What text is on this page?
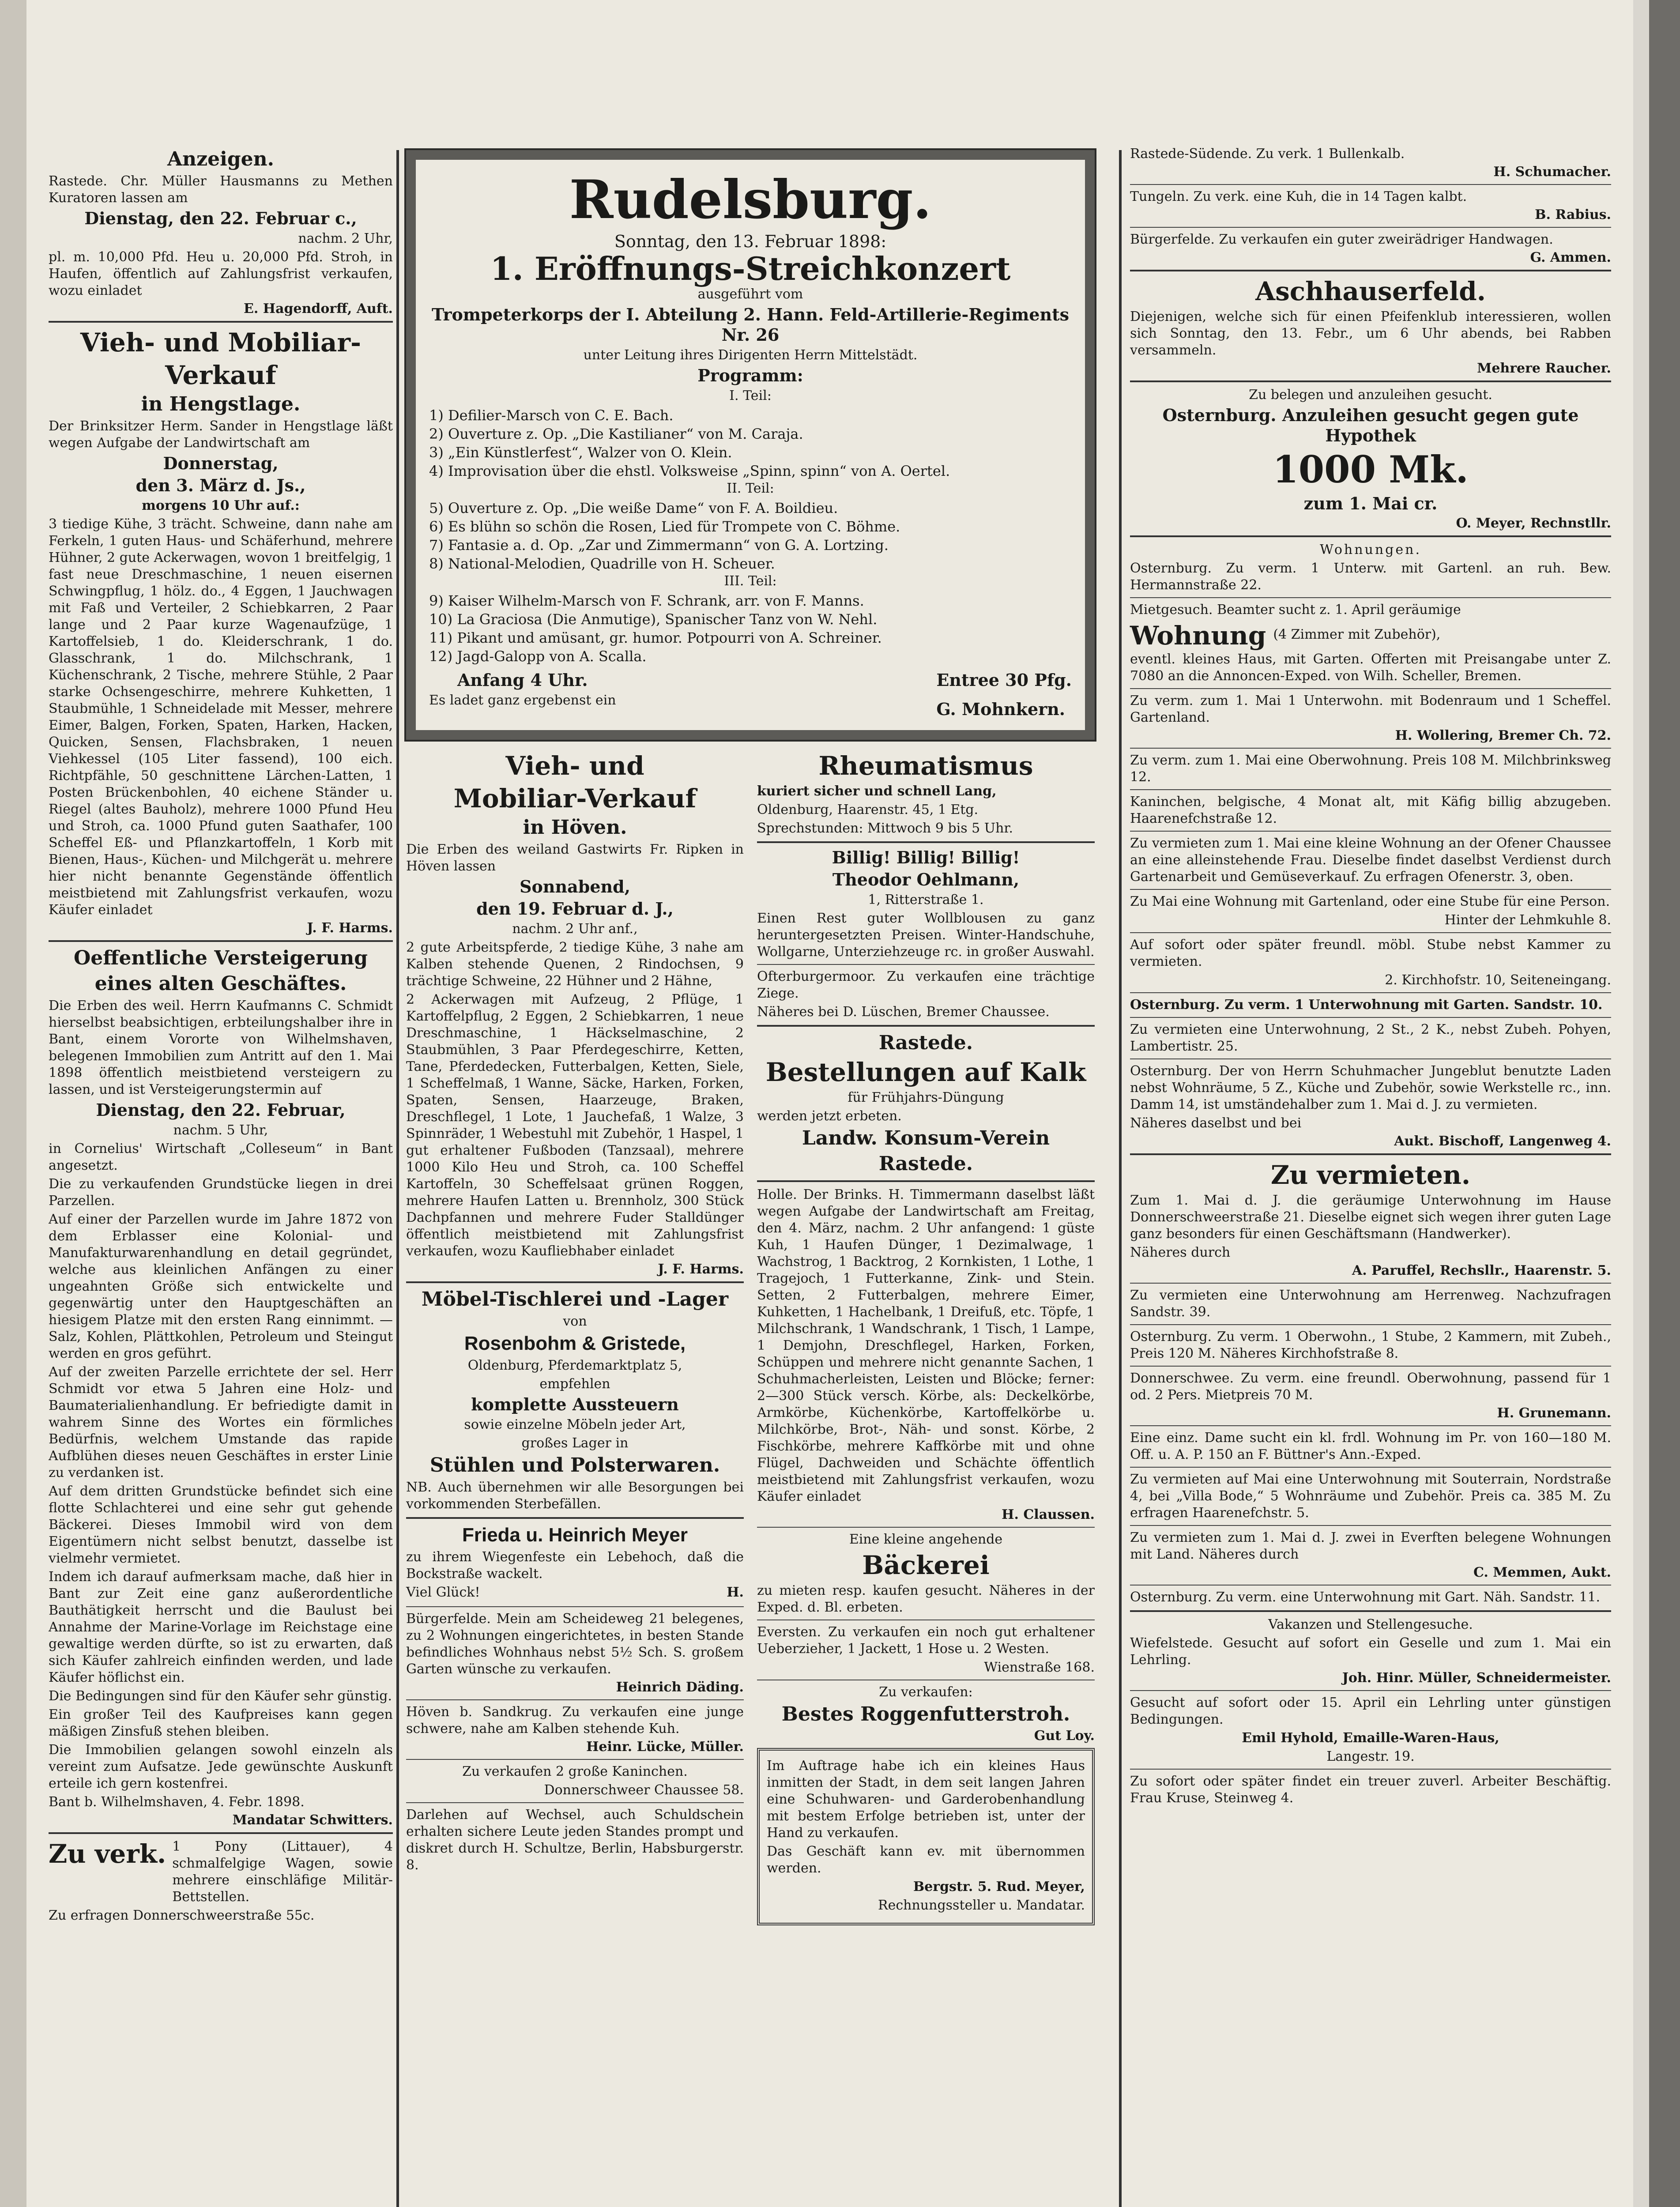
Anzeigen.

Rastede. Chr. Müller Hausmanns zu Methen Kuratoren lassen am

Dienstag, den 22. Februar c.,

nachm. 2 Uhr,

pl. m. 10,000 Pfd. Heu u. 20,000 Pfd. Stroh, in Haufen, öffentlich auf Zahlungsfrist verkaufen, wozu einladet

E. Hagendorff, Auft.

Vieh- und Mobiliar-
Verkauf
in Hengstlage.

Der Brinksitzer Herm. Sander in Hengstlage läßt wegen Aufgabe der Landwirtschaft am

Donnerstag,

den 3. März d. Js.,

morgens 10 Uhr auf.:

3 tiedige Kühe, 3 trächt. Schweine, dann nahe am Ferkeln, 1 guten Haus- und Schäferhund, mehrere Hühner, 2 gute Ackerwagen, wovon 1 breitfelgig, 1 fast neue Dreschmaschine, 1 neuen eisernen Schwingpflug, 1 hölz. do., 4 Eggen, 1 Jauchwagen mit Faß und Verteiler, 2 Schiebkarren, 2 Paar lange und 2 Paar kurze Wagenaufzüge, 1 Kartoffelsieb, 1 do. Kleiderschrank, 1 do. Glasschrank, 1 do. Milchschrank, 1 Küchenschrank, 2 Tische, mehrere Stühle, 2 Paar starke Ochsengeschirre, mehrere Kuhketten, 1 Staubmühle, 1 Schneidelade mit Messer, mehrere Eimer, Balgen, Forken, Spaten, Harken, Hacken, Quicken, Sensen, Flachsbraken, 1 neuen Viehkessel (105 Liter fassend), 100 eich. Richtpfähle, 50 geschnittene Lärchen-Latten, 1 Posten Brückenbohlen, 40 eichene Ständer u. Riegel (altes Bauholz), mehrere 1000 Pfund Heu und Stroh, ca. 1000 Pfund guten Saathafer, 100 Scheffel Eß- und Pflanzkartoffeln, 1 Korb mit Bienen, Haus-, Küchen- und Milchgerät u. mehrere hier nicht benannte Gegenstände öffentlich meistbietend mit Zahlungsfrist verkaufen, wozu Käufer einladet

J. F. Harms.

Oeffentliche Versteigerung
eines alten Geschäftes.

Die Erben des weil. Herrn Kaufmanns C. Schmidt hierselbst beabsichtigen, erbteilungshalber ihre in Bant, einem Vororte von Wilhelmshaven, belegenen Immobilien zum Antritt auf den 1. Mai 1898 öffentlich meistbietend versteigern zu lassen, und ist Versteigerungstermin auf

Dienstag, den 22. Februar,

nachm. 5 Uhr,

in Cornelius' Wirtschaft „Colleseum“ in Bant angesetzt.

Die zu verkaufenden Grundstücke liegen in drei Parzellen.

Auf einer der Parzellen wurde im Jahre 1872 von dem Erblasser eine Kolonial- und Manufakturwarenhandlung en detail gegründet, welche aus kleinlichen Anfängen zu einer ungeahnten Größe sich entwickelte und gegenwärtig unter den Hauptgeschäften an hiesigem Platze mit den ersten Rang einnimmt. — Salz, Kohlen, Plättkohlen, Petroleum und Steingut werden en gros geführt.

Auf der zweiten Parzelle errichtete der sel. Herr Schmidt vor etwa 5 Jahren eine Holz- und Baumaterialienhandlung. Er befriedigte damit in wahrem Sinne des Wortes ein förmliches Bedürfnis, welchem Umstande das rapide Aufblühen dieses neuen Geschäftes in erster Linie zu verdanken ist.

Auf dem dritten Grundstücke befindet sich eine flotte Schlachterei und eine sehr gut gehende Bäckerei. Dieses Immobil wird von dem Eigentümern nicht selbst benutzt, dasselbe ist vielmehr vermietet.

Indem ich darauf aufmerksam mache, daß hier in Bant zur Zeit eine ganz außerordentliche Bauthätigkeit herrscht und die Baulust bei Annahme der Marine-Vorlage im Reichstage eine gewaltige werden dürfte, so ist zu erwarten, daß sich Käufer zahlreich einfinden werden, und lade Käufer höflichst ein.

Die Bedingungen sind für den Käufer sehr günstig.

Ein großer Teil des Kaufpreises kann gegen mäßigen Zinsfuß stehen bleiben.

Die Immobilien gelangen sowohl einzeln als vereint zum Aufsatze. Jede gewünschte Auskunft erteile ich gern kostenfrei.

Bant b. Wilhelmshaven, 4. Febr. 1898.

Mandatar Schwitters.

Zu verk. 1 Pony (Littauer), 4 schmalfelgige Wagen, sowie mehrere einschläfige Militär-Bettstellen.

Zu erfragen Donnerschweerstraße 55c.

Rudelsburg.

Sonntag, den 13. Februar 1898:

1. Eröffnungs-Streichkonzert

ausgeführt vom

Trompeterkorps der I. Abteilung 2. Hann. Feld-Artillerie-Regiments Nr. 26

unter Leitung ihres Dirigenten Herrn Mittelstädt.

Programm:

I. Teil:

1) Defilier-Marsch von C. E. Bach.

2) Ouverture z. Op. „Die Kastilianer“ von M. Caraja.

3) „Ein Künstlerfest“, Walzer von O. Klein.

4) Improvisation über die ehstl. Volksweise „Spinn, spinn“ von A. Oertel.

II. Teil:

5) Ouverture z. Op. „Die weiße Dame“ von F. A. Boildieu.

6) Es blühn so schön die Rosen, Lied für Trompete von C. Böhme.

7) Fantasie a. d. Op. „Zar und Zimmermann“ von G. A. Lortzing.

8) National-Melodien, Quadrille von H. Scheuer.

III. Teil:

9) Kaiser Wilhelm-Marsch von F. Schrank, arr. von F. Manns.

10) La Graciosa (Die Anmutige), Spanischer Tanz von W. Nehl.

11) Pikant und amüsant, gr. humor. Potpourri von A. Schreiner.

12) Jagd-Galopp von A. Scalla.

Anfang 4 Uhr.

Es ladet ganz ergebenst ein

Entree 30 Pfg.

G. Mohnkern.

Vieh- und
Mobiliar-Verkauf
in Höven.

Die Erben des weiland Gastwirts Fr. Ripken in Höven lassen

Sonnabend,

den 19. Februar d. J.,

nachm. 2 Uhr anf.,

2 gute Arbeitspferde, 2 tiedige Kühe, 3 nahe am Kalben stehende Quenen, 2 Rindochsen, 9 trächtige Schweine, 22 Hühner und 2 Hähne,

2 Ackerwagen mit Aufzeug, 2 Pflüge, 1 Kartoffelpflug, 2 Eggen, 2 Schiebkarren, 1 neue Dreschmaschine, 1 Häckselmaschine, 2 Staubmühlen, 3 Paar Pferdegeschirre, Ketten, Tane, Pferdedecken, Futterbalgen, Ketten, Siele, 1 Scheffelmaß, 1 Wanne, Säcke, Harken, Forken, Spaten, Sensen, Haarzeuge, Braken, Dreschflegel, 1 Lote, 1 Jauchefaß, 1 Walze, 3 Spinnräder, 1 Webestuhl mit Zubehör, 1 Haspel, 1 gut erhaltener Fußboden (Tanzsaal), mehrere 1000 Kilo Heu und Stroh, ca. 100 Scheffel Kartoffeln, 30 Scheffelsaat grünen Roggen, mehrere Haufen Latten u. Brennholz, 300 Stück Dachpfannen und mehrere Fuder Stalldünger öffentlich meistbietend mit Zahlungsfrist verkaufen, wozu Kaufliebhaber einladet

J. F. Harms.

Möbel-Tischlerei und -Lager

von

Rosenbohm & Gristede,

Oldenburg, Pferdemarktplatz 5,

empfehlen

komplette Aussteuern

sowie einzelne Möbeln jeder Art,

großes Lager in

Stühlen und Polsterwaren.

NB. Auch übernehmen wir alle Besorgungen bei vorkommenden Sterbefällen.

Frieda u. Heinrich Meyer

zu ihrem Wiegenfeste ein Lebehoch, daß die Bockstraße wackelt.

Viel Glück!	H.

Bürgerfelde. Mein am Scheideweg 21 belegenes, zu 2 Wohnungen eingerichtetes, in besten Stande befindliches Wohnhaus nebst 5½ Sch. S. großem Garten wünsche zu verkaufen.

Heinrich Däding.

Höven b. Sandkrug. Zu verkaufen eine junge schwere, nahe am Kalben stehende Kuh.

Heinr. Lücke, Müller.

Zu verkaufen 2 große Kaninchen.

Donnerschweer Chaussee 58.

Darlehen auf Wechsel, auch Schuldschein erhalten sichere Leute jeden Standes prompt und diskret durch H. Schultze, Berlin, Habsburgerstr. 8.

Rheumatismus

kuriert sicher und schnell Lang,

Oldenburg, Haarenstr. 45, 1 Etg.

Sprechstunden: Mittwoch 9 bis 5 Uhr.

Billig! Billig! Billig!

Theodor Oehlmann,

1, Ritterstraße 1.

Einen Rest guter Wollblousen zu ganz heruntergesetzten Preisen. Winter-Handschuhe, Wollgarne, Unterziehzeuge rc. in großer Auswahl.

Ofterburgermoor. Zu verkaufen eine trächtige Ziege.

Näheres bei D. Lüschen, Bremer Chaussee.

Rastede.
Bestellungen auf Kalk

für Frühjahrs-Düngung

werden jetzt erbeten.

Landw. Konsum-Verein
Rastede.

Holle. Der Brinks. H. Timmermann daselbst läßt wegen Aufgabe der Landwirtschaft am Freitag, den 4. März, nachm. 2 Uhr anfangend: 1 güste Kuh, 1 Haufen Dünger, 1 Dezimalwage, 1 Wachstrog, 1 Backtrog, 2 Kornkisten, 1 Lothe, 1 Tragejoch, 1 Futterkanne, Zink- und Stein. Setten, 2 Futterbalgen, mehrere Eimer, Kuhketten, 1 Hachelbank, 1 Dreifuß, etc. Töpfe, 1 Milchschrank, 1 Wandschrank, 1 Tisch, 1 Lampe, 1 Demjohn, Dreschflegel, Harken, Forken, Schüppen und mehrere nicht genannte Sachen, 1 Schuhmacherleisten, Leisten und Blöcke; ferner: 2—300 Stück versch. Körbe, als: Deckelkörbe, Armkörbe, Küchenkörbe, Kartoffelkörbe u. Milchkörbe, Brot-, Näh- und sonst. Körbe, 2 Fischkörbe, mehrere Kaffkörbe mit und ohne Flügel, Dachweiden und Schächte öffentlich meistbietend mit Zahlungsfrist verkaufen, wozu Käufer einladet

H. Claussen.

Eine kleine angehende

Bäckerei

zu mieten resp. kaufen gesucht. Näheres in der Exped. d. Bl. erbeten.

Eversten. Zu verkaufen ein noch gut erhaltener Ueberzieher, 1 Jackett, 1 Hose u. 2 Westen.

Wienstraße 168.

Zu verkaufen:

Bestes Roggenfutterstroh.

Gut Loy.

Im Auftrage habe ich ein kleines Haus inmitten der Stadt, in dem seit langen Jahren eine Schuhwaren- und Garderobenhandlung mit bestem Erfolge betrieben ist, unter der Hand zu verkaufen.

Das Geschäft kann ev. mit übernommen werden.

Bergstr. 5. Rud. Meyer,

Rechnungssteller u. Mandatar.

Rastede-Südende. Zu verk. 1 Bullenkalb.

H. Schumacher.

Tungeln. Zu verk. eine Kuh, die in 14 Tagen kalbt.

B. Rabius.

Bürgerfelde. Zu verkaufen ein guter zweirädriger Handwagen.

G. Ammen.

Aschhauserfeld.

Diejenigen, welche sich für einen Pfeifenklub interessieren, wollen sich Sonntag, den 13. Febr., um 6 Uhr abends, bei Rabben versammeln.

Mehrere Raucher.

Zu belegen und anzuleihen gesucht.

Osternburg. Anzuleihen gesucht gegen gute Hypothek

1000 Mk.

zum 1. Mai cr.

O. Meyer, Rechnstllr.

Wohnungen.

Osternburg. Zu verm. 1 Unterw. mit Gartenl. an ruh. Bew. Hermannstraße 22.

Mietgesuch. Beamter sucht z. 1. April geräumige

Wohnung (4 Zimmer mit Zubehör),

eventl. kleines Haus, mit Garten. Offerten mit Preisangabe unter Z. 7080 an die Annoncen-Exped. von Wilh. Scheller, Bremen.

Zu verm. zum 1. Mai 1 Unterwohn. mit Bodenraum und 1 Scheffel. Gartenland.

H. Wollering, Bremer Ch. 72.

Zu verm. zum 1. Mai eine Oberwohnung. Preis 108 M. Milchbrinksweg 12.

Kaninchen, belgische, 4 Monat alt, mit Käfig billig abzugeben. Haarenefchstraße 12.

Zu vermieten zum 1. Mai eine kleine Wohnung an der Ofener Chaussee an eine alleinstehende Frau. Dieselbe findet daselbst Verdienst durch Gartenarbeit und Gemüseverkauf. Zu erfragen Ofenerstr. 3, oben.

Zu Mai eine Wohnung mit Gartenland, oder eine Stube für eine Person.

Hinter der Lehmkuhle 8.

Auf sofort oder später freundl. möbl. Stube nebst Kammer zu vermieten.

2. Kirchhofstr. 10, Seiteneingang.

Osternburg. Zu verm. 1 Unterwohnung mit Garten. Sandstr. 10.

Zu vermieten eine Unterwohnung, 2 St., 2 K., nebst Zubeh. Pohyen, Lambertistr. 25.

Osternburg. Der von Herrn Schuhmacher Jungeblut benutzte Laden nebst Wohnräume, 5 Z., Küche und Zubehör, sowie Werkstelle rc., inn. Damm 14, ist umständehalber zum 1. Mai d. J. zu vermieten.

Näheres daselbst und bei

Aukt. Bischoff, Langenweg 4.

Zu vermieten.

Zum 1. Mai d. J. die geräumige Unterwohnung im Hause Donnerschweerstraße 21. Dieselbe eignet sich wegen ihrer guten Lage ganz besonders für einen Geschäftsmann (Handwerker).

Näheres durch

A. Paruffel, Rechsllr., Haarenstr. 5.

Zu vermieten eine Unterwohnung am Herrenweg. Nachzufragen Sandstr. 39.

Osternburg. Zu verm. 1 Oberwohn., 1 Stube, 2 Kammern, mit Zubeh., Preis 120 M. Näheres Kirchhofstraße 8.

Donnerschwee. Zu verm. eine freundl. Oberwohnung, passend für 1 od. 2 Pers. Mietpreis 70 M.

H. Grunemann.

Eine einz. Dame sucht ein kl. frdl. Wohnung im Pr. von 160—180 M. Off. u. A. P. 150 an F. Büttner's Ann.-Exped.

Zu vermieten auf Mai eine Unterwohnung mit Souterrain, Nordstraße 4, bei „Villa Bode,“ 5 Wohnräume und Zubehör. Preis ca. 385 M. Zu erfragen Haarenefchstr. 5.

Zu vermieten zum 1. Mai d. J. zwei in Everften belegene Wohnungen mit Land. Näheres durch

C. Memmen, Aukt.

Osternburg. Zu verm. eine Unterwohnung mit Gart. Näh. Sandstr. 11.

Vakanzen und Stellengesuche.

Wiefelstede. Gesucht auf sofort ein Geselle und zum 1. Mai ein Lehrling.

Joh. Hinr. Müller, Schneidermeister.

Gesucht auf sofort oder 15. April ein Lehrling unter günstigen Bedingungen.

Emil Hyhold, Emaille-Waren-Haus,

Langestr. 19.

Zu sofort oder später findet ein treuer zuverl. Arbeiter Beschäftig. Frau Kruse, Steinweg 4.
